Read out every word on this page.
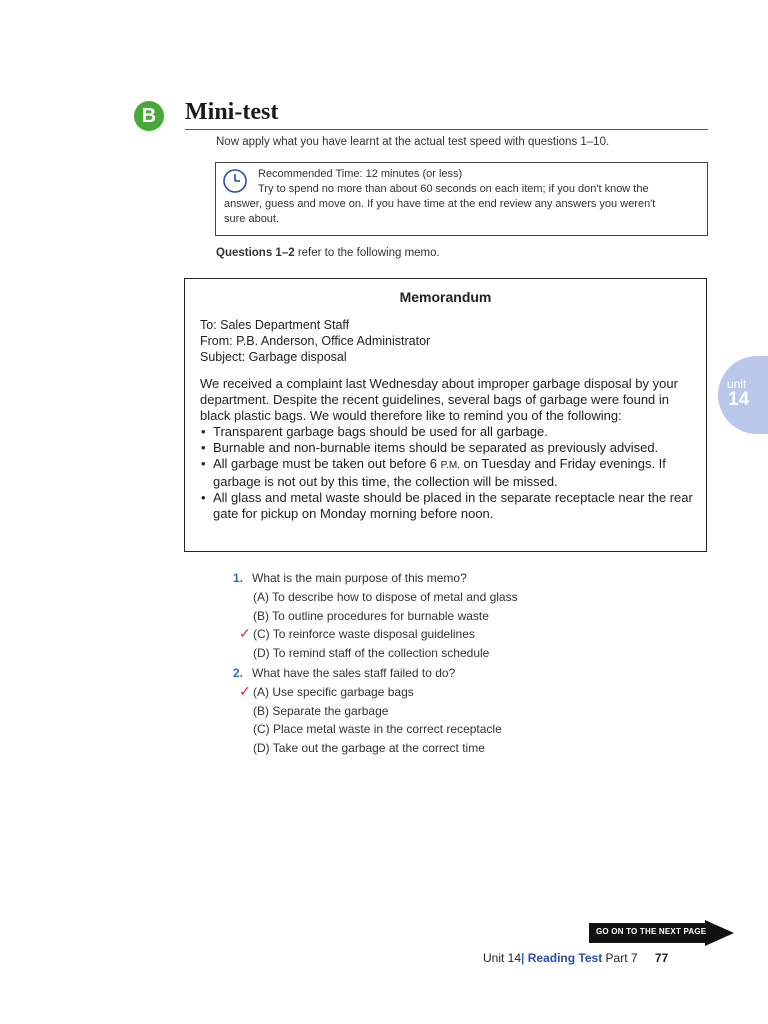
B	Mini-test
Now apply what you have learnt at the actual test speed with questions 1–10.
Recommended Time: 12 minutes (or less)
Try to spend no more than about 60 seconds on each item; if you don't know the
answer, guess and move on. If you have time at the end review any answers you weren't
sure about.
Questions 1–2 refer to the following memo.
Memorandum
To: Sales Department Staff
From: P.B. Anderson, Office Administrator
Subject: Garbage disposal
We received a complaint last Wednesday about improper garbage disposal by your department. Despite the recent guidelines, several bags of garbage were found in black plastic bags. We would therefore like to remind you of the following:
• Transparent garbage bags should be used for all garbage.
• Burnable and non-burnable items should be separated as previously advised.
• All garbage must be taken out before 6 P.M. on Tuesday and Friday evenings. If garbage is not out by this time, the collection will be missed.
• All glass and metal waste should be placed in the separate receptacle near the rear gate for pickup on Monday morning before noon.
unit
14
1. What is the main purpose of this memo?
(A) To describe how to dispose of metal and glass
(B) To outline procedures for burnable waste
✓ (C) To reinforce waste disposal guidelines
(D) To remind staff of the collection schedule
2. What have the sales staff failed to do?
✓ (A) Use specific garbage bags
(B) Separate the garbage
(C) Place metal waste in the correct receptacle
(D) Take out the garbage at the correct time
GO ON TO THE NEXT PAGE
Unit 14| Reading Test Part 7 77
